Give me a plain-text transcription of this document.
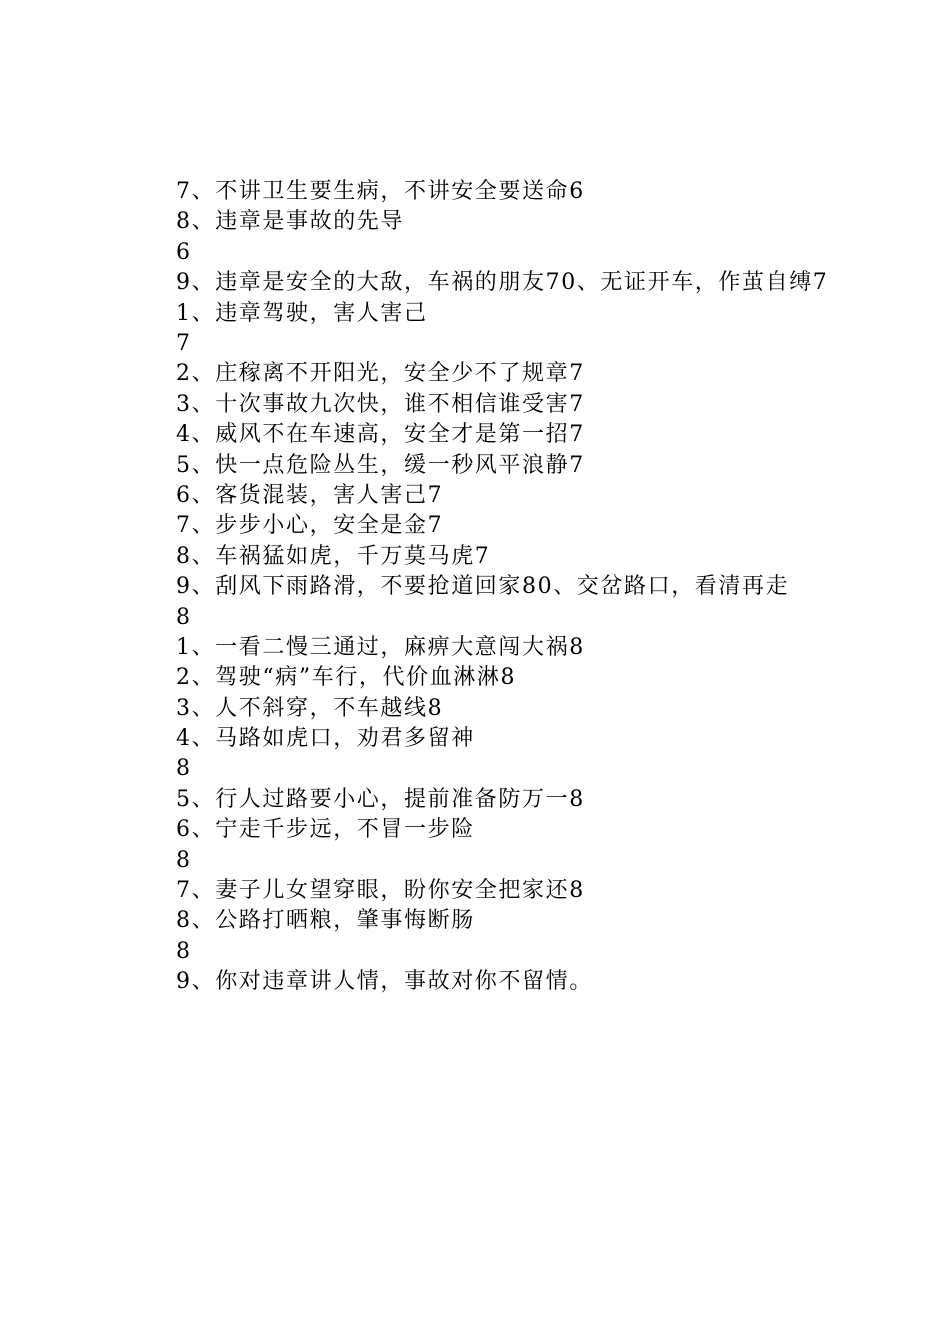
7、不讲卫生要生病，不讲安全要送命6
8、违章是事故的先导
6
9、违章是安全的大敌，车祸的朋友70、无证开车，作茧自缚7
1、违章驾驶，害人害己
7
2、庄稼离不开阳光，安全少不了规章7
3、十次事故九次快，谁不相信谁受害7
4、威风不在车速高，安全才是第一招7
5、快一点危险丛生，缓一秒风平浪静7
6、客货混装，害人害己7
7、步步小心，安全是金7
8、车祸猛如虎，千万莫马虎7
9、刮风下雨路滑，不要抢道回家80、交岔路口，看清再走
8
1、一看二慢三通过，麻痹大意闯大祸8
2、驾驶“病”车行，代价血淋淋8
3、人不斜穿，不车越线8
4、马路如虎口，劝君多留神
8
5、行人过路要小心，提前准备防万一8
6、宁走千步远，不冒一步险
8
7、妻子儿女望穿眼，盼你安全把家还8
8、公路打晒粮，肇事悔断肠
8
9、你对违章讲人情，事故对你不留情。
